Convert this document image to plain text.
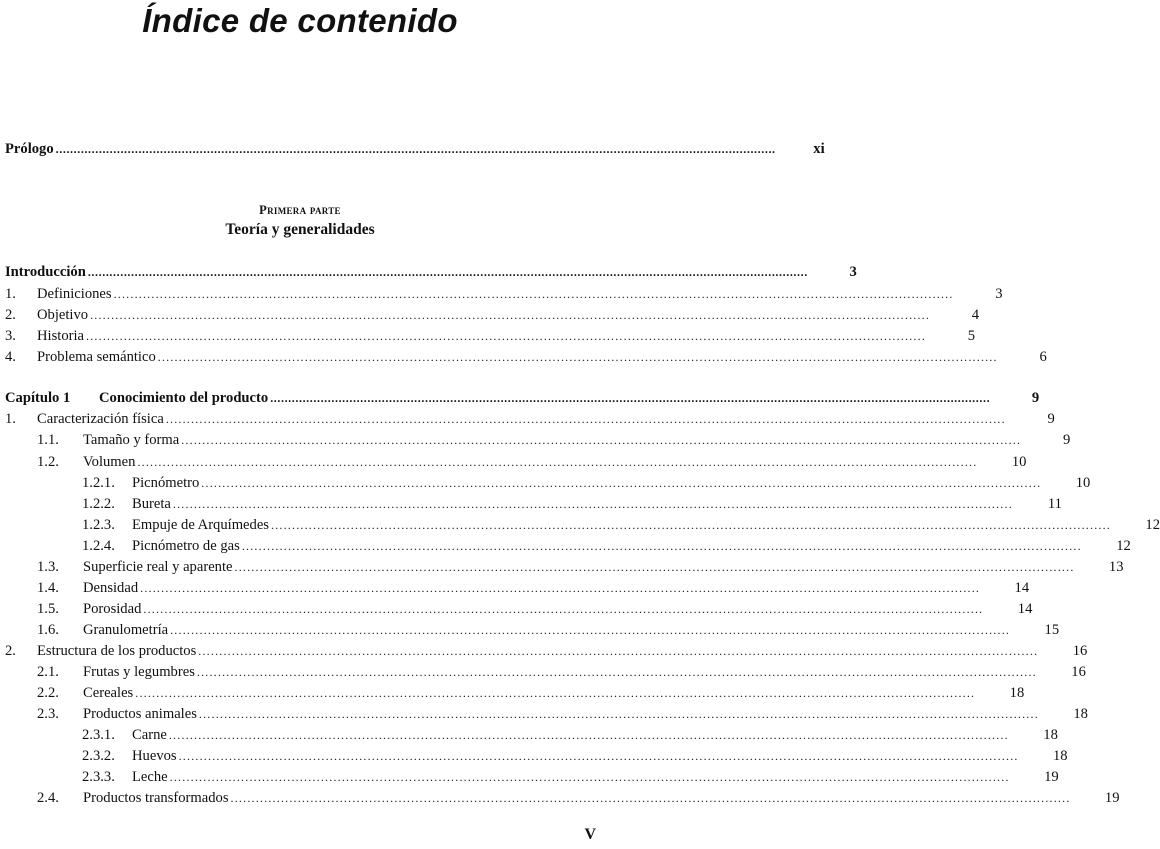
Índice de contenido
Prólogo ........................................................................................................................................................................................................	xi
Primera parte
Teoría y generalidades
Introducción ........................................................................................................................................................................................................	3
1.	Definiciones ........................................................................................................................................................................................................	3
2.	Objetivo ........................................................................................................................................................................................................	4
3.	Historia ........................................................................................................................................................................................................	5
4.	Problema semántico ........................................................................................................................................................................................................	6
Capítulo 1	Conocimiento del producto ........................................................................................................................................................................................................	9
1.	Caracterización física ........................................................................................................................................................................................................	9
1.1.	Tamaño y forma ........................................................................................................................................................................................................	9
1.2.	Volumen ........................................................................................................................................................................................................	10
1.2.1.	Picnómetro ........................................................................................................................................................................................................	10
1.2.2.	Bureta ........................................................................................................................................................................................................	11
1.2.3.	Empuje de Arquímedes ........................................................................................................................................................................................................	12
1.2.4.	Picnómetro de gas ........................................................................................................................................................................................................	12
1.3.	Superficie real y aparente ........................................................................................................................................................................................................	13
1.4.	Densidad ........................................................................................................................................................................................................	14
1.5.	Porosidad ........................................................................................................................................................................................................	14
1.6.	Granulometría ........................................................................................................................................................................................................	15
2.	Estructura de los productos ........................................................................................................................................................................................................	16
2.1.	Frutas y legumbres ........................................................................................................................................................................................................	16
2.2.	Cereales ........................................................................................................................................................................................................	18
2.3.	Productos animales ........................................................................................................................................................................................................	18
2.3.1.	Carne ........................................................................................................................................................................................................	18
2.3.2.	Huevos ........................................................................................................................................................................................................	18
2.3.3.	Leche ........................................................................................................................................................................................................	19
2.4.	Productos transformados ........................................................................................................................................................................................................	19
V
